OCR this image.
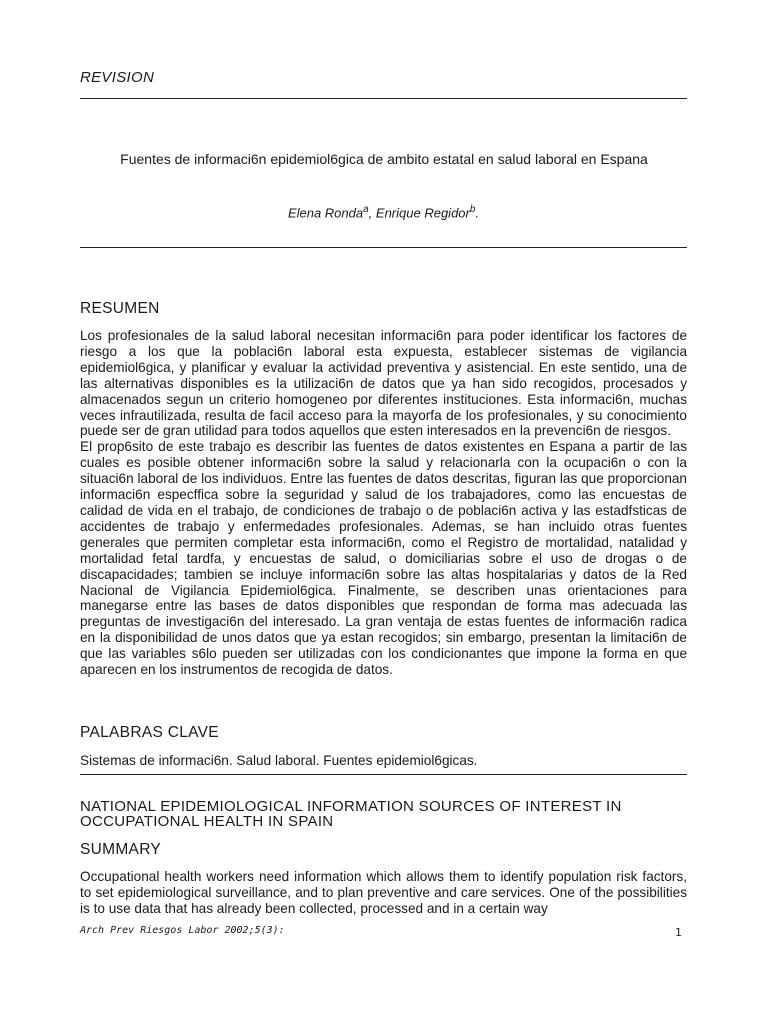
REVISION
Fuentes de informaci6n epidemiol6gica de ambito estatal en salud laboral en Espana
Elena Ronda$^a$, Enrique Regidor$^b$.
RESUMEN

Los profesionales de la salud laboral necesitan informaci6n para poder identificar los factores de riesgo a los que la poblaci6n laboral esta expuesta, establecer sistemas de vigilancia epidemiol6gica, y planificar y evaluar la actividad preventiva y asistencial. En este sentido, una de las alternativas disponibles es la utilizaci6n de datos que ya han sido recogidos, procesados y almacenados segun un criterio homogeneo por diferentes instituciones. Esta informaci6n, muchas veces infrautilizada, resulta de facil acceso para la mayorfa de los profesionales, y su conocimiento puede ser de gran utilidad para todos aquellos que esten interesados en la prevenci6n de riesgos.

El prop6sito de este trabajo es describir las fuentes de datos existentes en Espana a partir de las cuales es posible obtener informaci6n sobre la salud y relacionarla con la ocupaci6n o con la situaci6n laboral de los individuos. Entre las fuentes de datos descritas, figuran las que proporcionan informaci6n especffica sobre la seguridad y salud de los trabajadores, como las encuestas de calidad de vida en el trabajo, de condiciones de trabajo o de poblaci6n activa y las estadfsticas de accidentes de trabajo y enfermedades profesionales. Ademas, se han incluido otras fuentes generales que permiten completar esta informaci6n, como el Registro de mortalidad, natalidad y mortalidad fetal tardfa, y encuestas de salud, o domiciliarias sobre el uso de drogas o de discapacidades; tambien se incluye informaci6n sobre las altas hospitalarias y datos de la Red Nacional de Vigilancia Epidemiol6gica. Finalmente, se describen unas orientaciones para manegarse entre las bases de datos disponibles que respondan de forma mas adecuada las preguntas de investigaci6n del interesado. La gran ventaja de estas fuentes de informaci6n radica en la disponibilidad de unos datos que ya estan recogidos; sin embargo, presentan la limitaci6n de que las variables s6lo pueden ser utilizadas con los condicionantes que impone la forma en que aparecen en los instrumentos de recogida de datos.

PALABRAS CLAVE
Sistemas de informaci6n. Salud laboral. Fuentes epidemiol6gicas.
NATIONAL EPIDEMIOLOGICAL INFORMATION SOURCES OF INTEREST IN OCCUPATIONAL HEALTH IN SPAIN
SUMMARY
Occupational health workers need information which allows them to identify population risk factors, to set epidemiological surveillance, and to plan preventive and care services. One of the possibilities is to use data that has already been collected, processed and in a certain way
Arch Prev Riesgos Labor 2002;5(3):	1
